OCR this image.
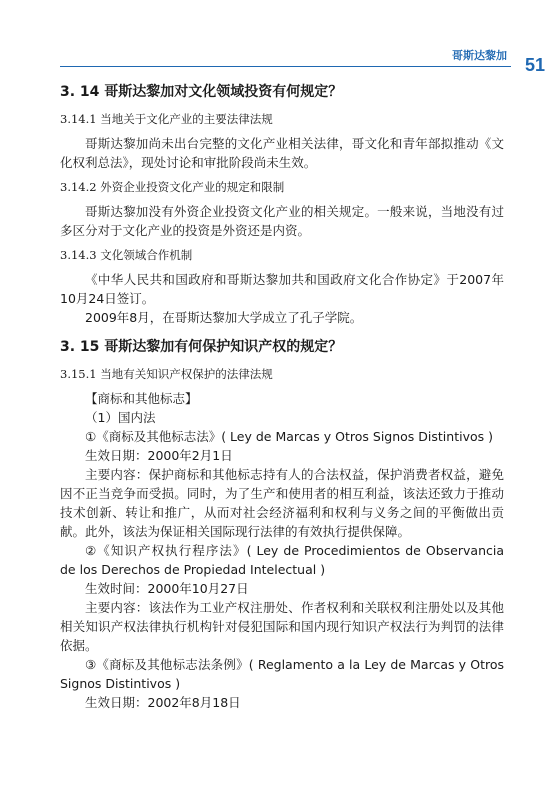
哥斯达黎加 51
3. 14 哥斯达黎加对文化领域投资有何规定？
3.14.1 当地关于文化产业的主要法律法规

哥斯达黎加尚未出台完整的文化产业相关法律，哥文化和青年部拟推动《文化权利总法》，现处讨论和审批阶段尚未生效。

3.14.2 外资企业投资文化产业的规定和限制

哥斯达黎加没有外资企业投资文化产业的相关规定。一般来说，当地没有过多区分对于文化产业的投资是外资还是内资。

3.14.3 文化领域合作机制

《中华人民共和国政府和哥斯达黎加共和国政府文化合作协定》于2007年10月24日签订。

2009年8月，在哥斯达黎加大学成立了孔子学院。

3. 15 哥斯达黎加有何保护知识产权的规定？
3.15.1 当地有关知识产权保护的法律法规

【商标和其他标志】

（1）国内法

①《商标及其他标志法》( Ley de Marcas y Otros Signos Distintivos )

生效日期：2000年2月1日

主要内容：保护商标和其他标志持有人的合法权益，保护消费者权益，避免因不正当竞争而受损。同时，为了生产和使用者的相互利益，该法还致力于推动技术创新、转让和推广，从而对社会经济福利和权利与义务之间的平衡做出贡献。此外，该法为保证相关国际现行法律的有效执行提供保障。

②《知识产权执行程序法》( Ley de Procedimientos de Observancia de los Derechos de Propiedad Intelectual )

生效时间：2000年10月27日

主要内容：该法作为工业产权注册处、作者权利和关联权利注册处以及其他相关知识产权法律执行机构针对侵犯国际和国内现行知识产权法行为判罚的法律依据。

③《商标及其他标志法条例》( Reglamento a la Ley de Marcas y Otros Signos Distintivos )

生效日期：2002年8月18日
